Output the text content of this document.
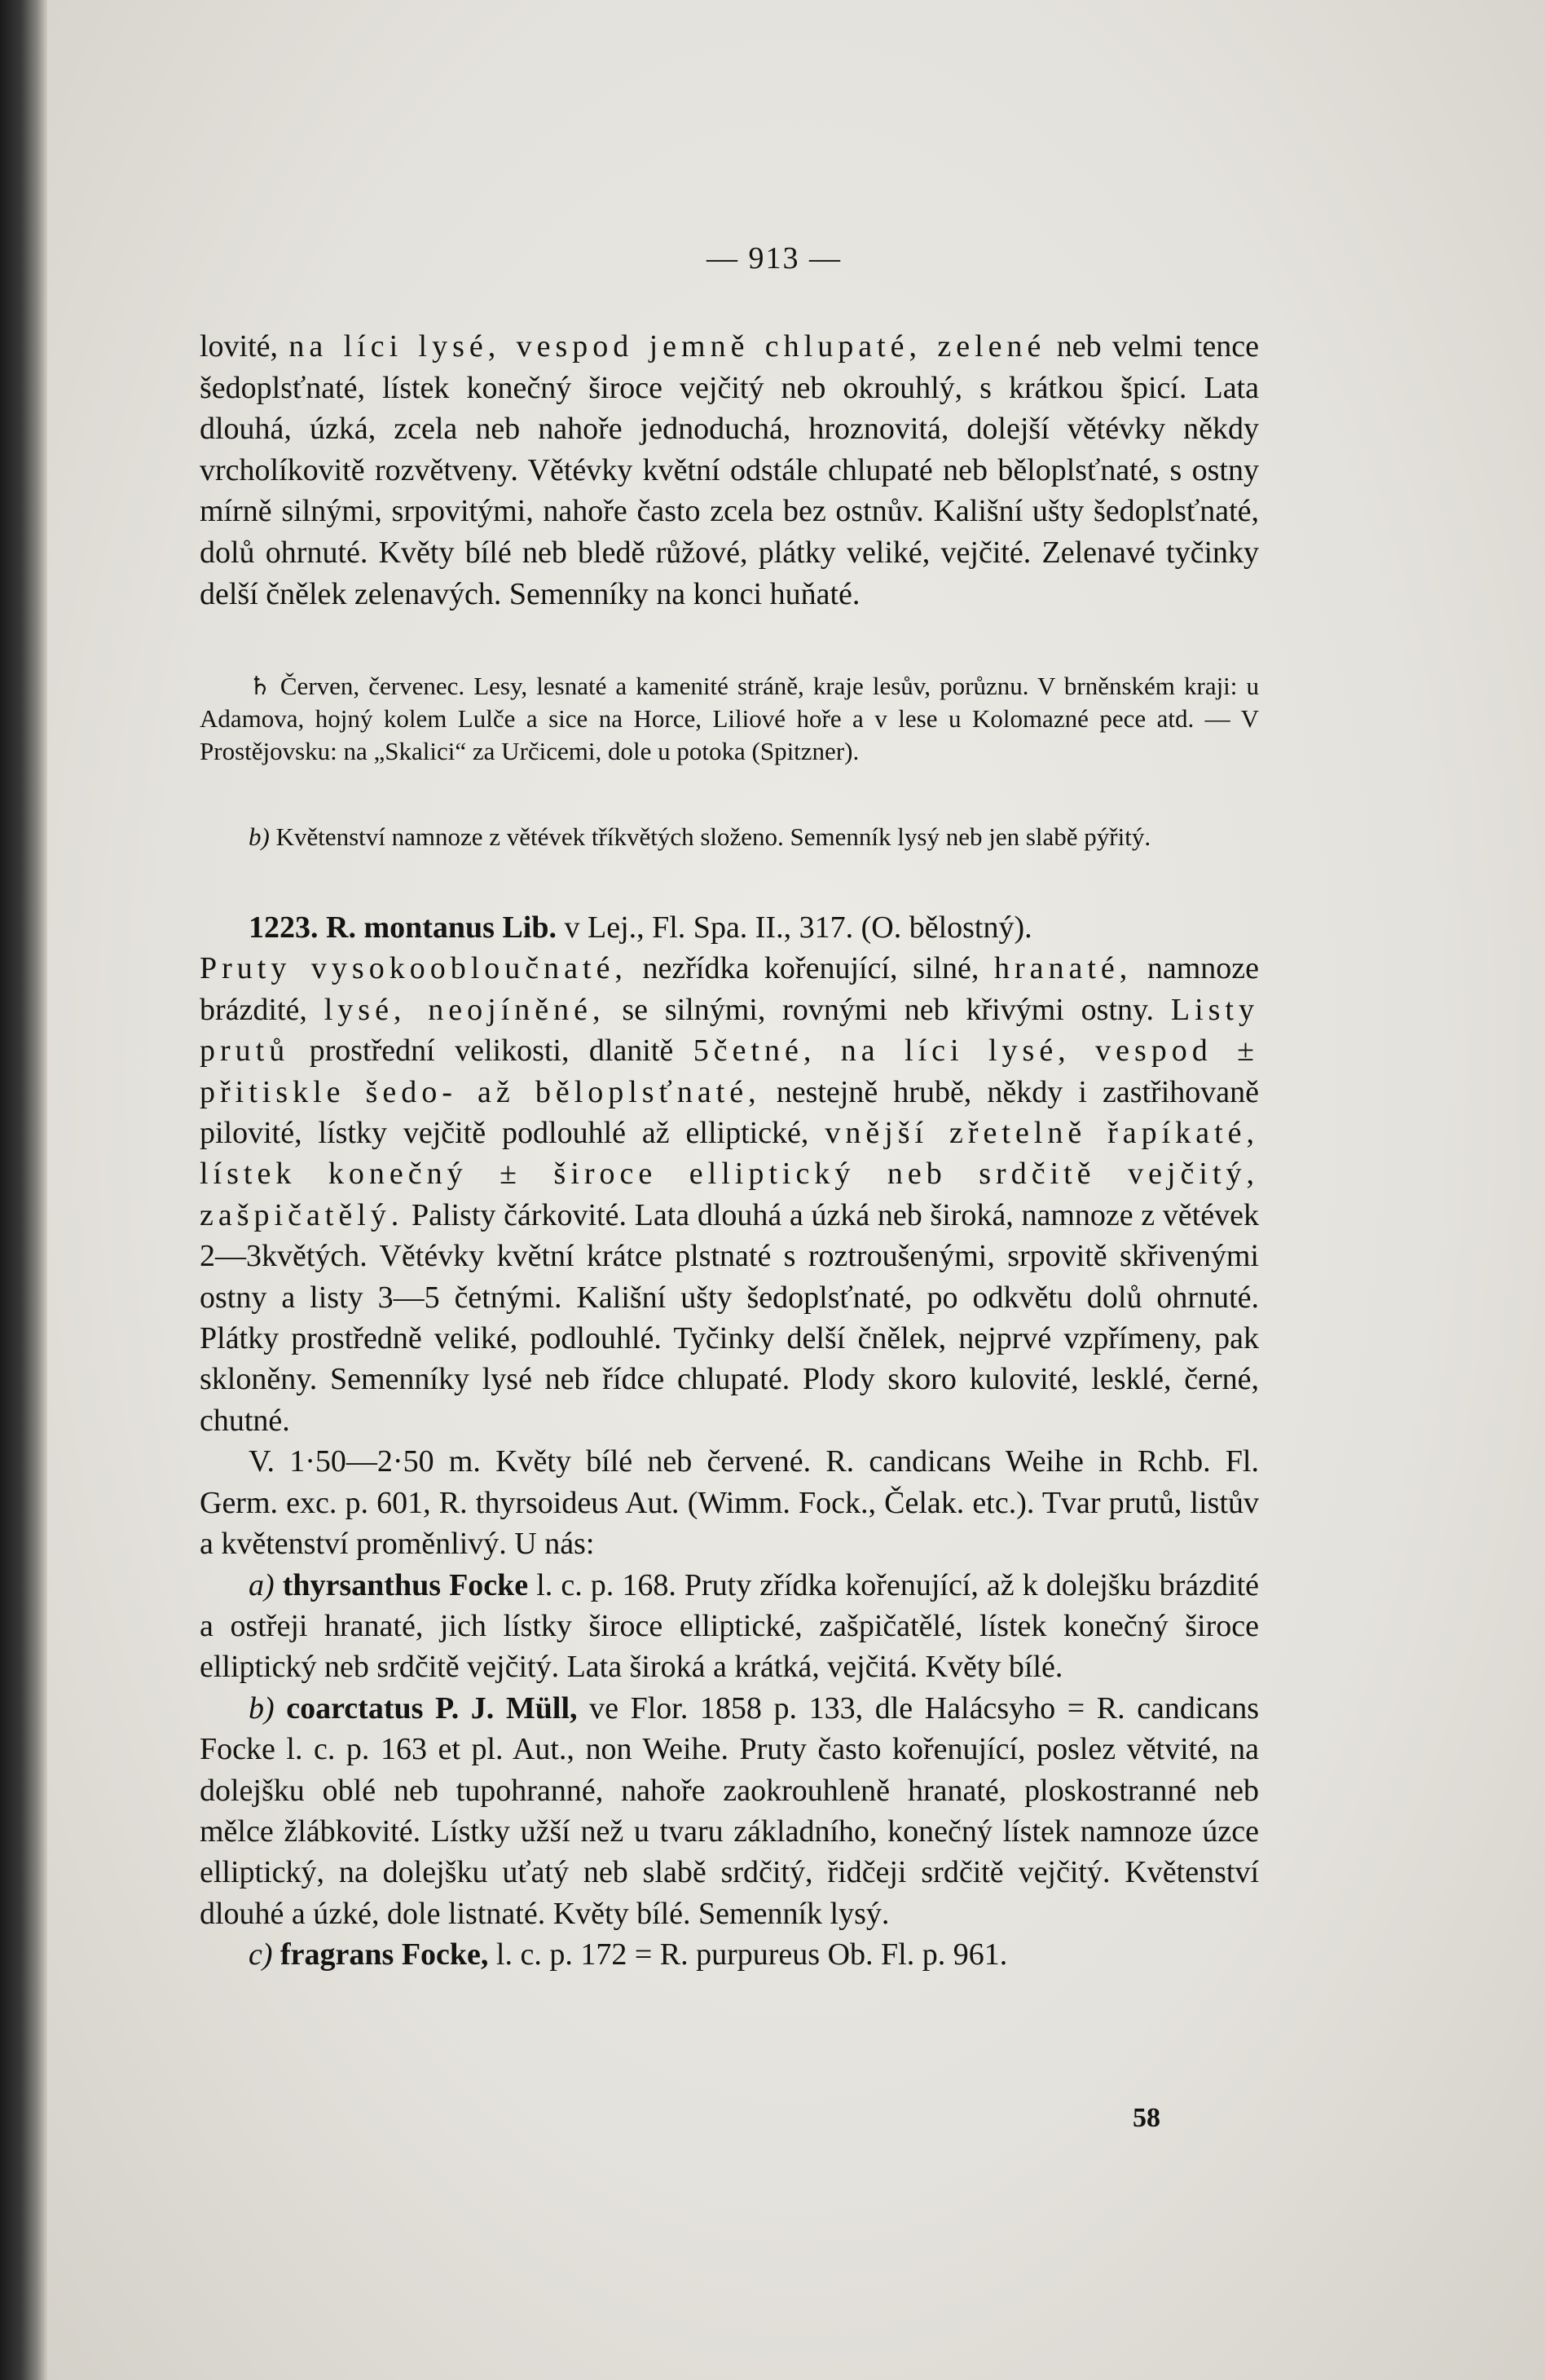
— 913 —

lovité, na líci lysé, vespod jemně chlupaté, zelené neb velmi tence šedoplsťnaté, lístek konečný široce vejčitý neb okrouhlý, s krátkou špicí. Lata dlouhá, úzká, zcela neb nahoře jednoduchá, hroznovitá, dolejší větévky někdy vrcholíkovitě rozvětveny. Větévky květní odstále chlupaté neb běloplsťnaté, s ostny mírně silnými, srpovitými, nahoře často zcela bez ostnův. Kališní ušty šedoplsťnaté, dolů ohrnuté. Květy bílé neb bledě růžové, plátky veliké, vejčité. Zelenavé tyčinky delší čnělek zelenavých. Semenníky na konci huňaté.

♄ Červen, červenec. Lesy, lesnaté a kamenité stráně, kraje lesův, porůznu. V brněnském kraji: u Adamova, hojný kolem Lulče a sice na Horce, Liliové hoře a v lese u Kolomazné pece atd. — V Prostějovsku: na „Skalici“ za Určicemi, dole u potoka (Spitzner).

b) Květenství namnoze z větévek tříkvětých složeno. Semenník lysý neb jen slabě pýřitý.

1223. R. montanus Lib. v Lej., Fl. Spa. II., 317. (O. bělostný).

Pruty vysokoobloučnaté, nezřídka kořenující, silné, hranaté, namnoze brázdité, lysé, neojíněné, se silnými, rovnými neb křivými ostny. Listy prutů prostřední velikosti, dlanitě 5četné, na líci lysé, vespod ± přitiskle šedo- až běloplsťnaté, nestejně hrubě, někdy i zastřihovaně pilovité, lístky vejčitě podlouhlé až elliptické, vnější zřetelně řapíkaté, lístek konečný ± široce elliptický neb srdčitě vejčitý, zašpičatělý. Palisty čárkovité. Lata dlouhá a úzká neb široká, namnoze z větévek 2—3květých. Větévky květní krátce plstnaté s roztroušenými, srpovitě skřivenými ostny a listy 3—5 četnými. Kališní ušty šedoplsťnaté, po odkvětu dolů ohrnuté. Plátky prostředně veliké, podlouhlé. Tyčinky delší čnělek, nejprvé vzpřímeny, pak skloněny. Semenníky lysé neb řídce chlupaté. Plody skoro kulovité, lesklé, černé, chutné.

V. 1·50—2·50 m. Květy bílé neb červené. R. candicans Weihe in Rchb. Fl. Germ. exc. p. 601, R. thyrsoideus Aut. (Wimm. Fock., Čelak. etc.). Tvar prutů, listův a květenství proměnlivý. U nás:

a) thyrsanthus Focke l. c. p. 168. Pruty zřídka kořenující, až k dolejšku brázdité a ostřeji hranaté, jich lístky široce elliptické, zašpičatělé, lístek konečný široce elliptický neb srdčitě vejčitý. Lata široká a krátká, vejčitá. Květy bílé.

b) coarctatus P. J. Müll, ve Flor. 1858 p. 133, dle Halácsyho = R. candicans Focke l. c. p. 163 et pl. Aut., non Weihe. Pruty často kořenující, poslez větvité, na dolejšku oblé neb tupohranné, nahoře zaokrouhleně hranaté, ploskostranné neb mělce žlábkovité. Lístky užší než u tvaru základního, konečný lístek namnoze úzce elliptický, na dolejšku uťatý neb slabě srdčitý, řidčeji srdčitě vejčitý. Květenství dlouhé a úzké, dole listnaté. Květy bílé. Semenník lysý.

c) fragrans Focke, l. c. p. 172 = R. purpureus Ob. Fl. p. 961.

58
